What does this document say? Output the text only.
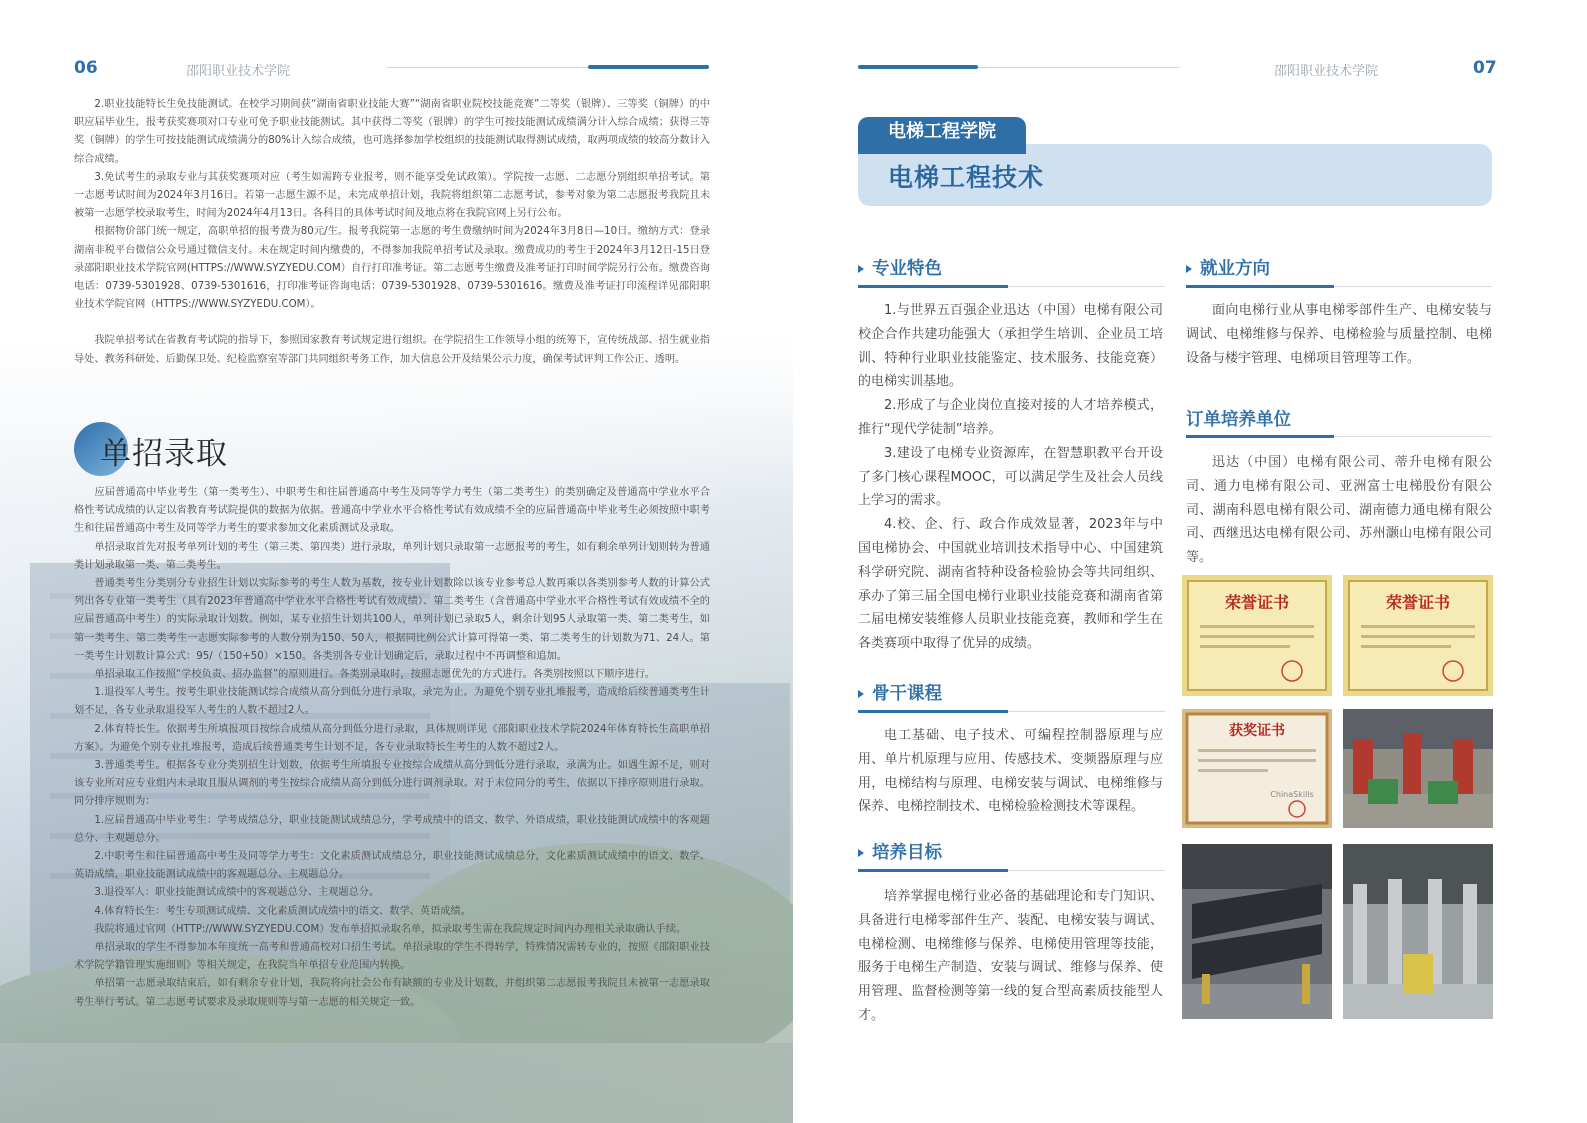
06	邵阳职业技术学院

2.职业技能特长生免技能测试。在校学习期间获“湖南省职业技能大赛”“湖南省职业院校技能竞赛”二等奖（银牌）、三等奖（铜牌）的中职应届毕业生，报考获奖赛项对口专业可免予职业技能测试。其中获得二等奖（银牌）的学生可按技能测试成绩满分计入综合成绩；获得三等奖（铜牌）的学生可按技能测试成绩满分的80%计入综合成绩，也可选择参加学校组织的技能测试取得测试成绩，取两项成绩的较高分数计入综合成绩。

3.免试考生的录取专业与其获奖赛项对应（考生如需跨专业报考，则不能享受免试政策）。学院按一志愿、二志愿分别组织单招考试。第一志愿考试时间为2024年3月16日。若第一志愿生源不足，未完成单招计划，我院将组织第二志愿考试，参考对象为第二志愿报考我院且未被第一志愿学校录取考生，时间为2024年4月13日。各科目的具体考试时间及地点将在我院官网上另行公布。

根据物价部门统一规定，高职单招的报考费为80元/生。报考我院第一志愿的考生费缴纳时间为2024年3月8日—10日。缴纳方式：登录湖南非税平台微信公众号通过微信支付。未在规定时间内缴费的，不得参加我院单招考试及录取。缴费成功的考生于2024年3月12日-15日登录邵阳职业技术学院官网(HTTPS://WWW.SYZYEDU.COM）自行打印准考证。第二志愿考生缴费及准考证打印时间学院另行公布。缴费咨询电话：0739-5301928、0739-5301616，打印准考证咨询电话：0739-5301928、0739-5301616。缴费及准考证打印流程详见邵阳职业技术学院官网（HTTPS://WWW.SYZYEDU.COM）。

我院单招考试在省教育考试院的指导下，参照国家教育考试规定进行组织。在学院招生工作领导小组的统筹下，宣传统战部、招生就业指导处、教务科研处、后勤保卫处、纪检监察室等部门共同组织考务工作，加大信息公开及结果公示力度，确保考试评判工作公正、透明。

单招录取

应届普通高中毕业考生（第一类考生）、中职考生和往届普通高中考生及同等学力考生（第二类考生）的类别确定及普通高中学业水平合格性考试成绩的认定以省教育考试院提供的数据为依据。普通高中学业水平合格性考试有效成绩不全的应届普通高中毕业考生必须按照中职考生和往届普通高中考生及同等学力考生的要求参加文化素质测试及录取。

单招录取首先对报考单列计划的考生（第三类、第四类）进行录取，单列计划只录取第一志愿报考的考生，如有剩余单列计划则转为普通类计划录取第一类、第二类考生。

普通类考生分类别分专业招生计划以实际参考的考生人数为基数，按专业计划数除以该专业参考总人数再乘以各类别参考人数的计算公式列出各专业第一类考生（具有2023年普通高中学业水平合格性考试有效成绩）、第二类考生（含普通高中学业水平合格性考试有效成绩不全的应届普通高中考生）的实际录取计划数。例如，某专业招生计划共100人，单列计划已录取5人，剩余计划95人录取第一类、第二类考生，如第一类考生、第二类考生一志愿实际参考的人数分别为150、50人，根据同比例公式计算可得第一类、第二类考生的计划数为71、24人。第一类考生计划数计算公式：95/（150+50）×150。各类别各专业计划确定后，录取过程中不再调整和追加。

单招录取工作按照“学校负责、招办监督”的原则进行。各类别录取时，按照志愿优先的方式进行。各类别按照以下顺序进行。

1.退役军人考生。按考生职业技能测试综合成绩从高分到低分进行录取，录完为止。为避免个别专业扎堆报考，造成给后续普通类考生计划不足，各专业录取退役军人考生的人数不超过2人。

2.体育特长生。依据考生所填报项目按综合成绩从高分到低分进行录取，具体规则详见《邵阳职业技术学院2024年体育特长生高职单招方案》。为避免个别专业扎堆报考，造成后续普通类考生计划不足，各专业录取特长生考生的人数不超过2人。

3.普通类考生。根据各专业分类别招生计划数，依据考生所填报专业按综合成绩从高分到低分进行录取，录满为止。如遇生源不足，则对该专业所对应专业组内未录取且服从调剂的考生按综合成绩从高分到低分进行调剂录取。对于末位同分的考生，依据以下排序原则进行录取。同分排序规则为：

1.应届普通高中毕业考生：学考成绩总分，职业技能测试成绩总分，学考成绩中的语文、数学、外语成绩，职业技能测试成绩中的客观题总分、主观题总分。

2.中职考生和往届普通高中考生及同等学力考生：文化素质测试成绩总分，职业技能测试成绩总分，文化素质测试成绩中的语文、数学、英语成绩，职业技能测试成绩中的客观题总分、主观题总分。

3.退役军人：职业技能测试成绩中的客观题总分、主观题总分。

4.体育特长生：考生专项测试成绩、文化素质测试成绩中的语文、数学、英语成绩。

我院将通过官网（HTTP://WWW.SYZYEDU.COM）发布单招拟录取名单，拟录取考生需在我院规定时间内办理相关录取确认手续。

单招录取的学生不得参加本年度统一高考和普通高校对口招生考试。单招录取的学生不得转学，特殊情况需转专业的，按照《邵阳职业技术学院学籍管理实施细则》等相关规定，在我院当年单招专业范围内转换。

单招第一志愿录取结束后，如有剩余专业计划，我院将向社会公布有缺额的专业及计划数，并组织第二志愿报考我院且未被第一志愿录取考生举行考试。第二志愿考试要求及录取规则等与第一志愿的相关规定一致。

邵阳职业技术学院	07
电梯工程学院
电梯工程技术
专业特色

1.与世界五百强企业迅达（中国）电梯有限公司校企合作共建功能强大（承担学生培训、企业员工培训、特种行业职业技能鉴定、技术服务、技能竞赛）的电梯实训基地。

2.形成了与企业岗位直接对接的人才培养模式，推行“现代学徒制”培养。

3.建设了电梯专业资源库，在智慧职教平台开设了多门核心课程MOOC，可以满足学生及社会人员线上学习的需求。

4.校、企、行、政合作成效显著，2023年与中国电梯协会、中国就业培训技术指导中心、中国建筑科学研究院、湖南省特种设备检验协会等共同组织、承办了第三届全国电梯行业职业技能竞赛和湖南省第二届电梯安装维修人员职业技能竞赛，教师和学生在各类赛项中取得了优异的成绩。

骨干课程

电工基础、电子技术、可编程控制器原理与应用、单片机原理与应用、传感技术、变频器原理与应用，电梯结构与原理、电梯安装与调试、电梯维修与保养、电梯控制技术、电梯检验检测技术等课程。

培养目标

培养掌握电梯行业必备的基础理论和专门知识、具备进行电梯零部件生产、装配、电梯安装与调试、电梯检测、电梯维修与保养、电梯使用管理等技能，服务于电梯生产制造、安装与调试、维修与保养、使用管理、监督检测等第一线的复合型高素质技能型人才。

就业方向

面向电梯行业从事电梯零部件生产、电梯安装与调试、电梯维修与保养、电梯检验与质量控制、电梯设备与楼宇管理、电梯项目管理等工作。

订单培养单位

迅达（中国）电梯有限公司、蒂升电梯有限公司、通力电梯有限公司、亚洲富士电梯股份有限公司、湖南科恩电梯有限公司、湖南德力通电梯有限公司、西继迅达电梯有限公司、苏州灏山电梯有限公司等。

荣誉证书	荣誉证书
获奖证书
ChinaSkills
